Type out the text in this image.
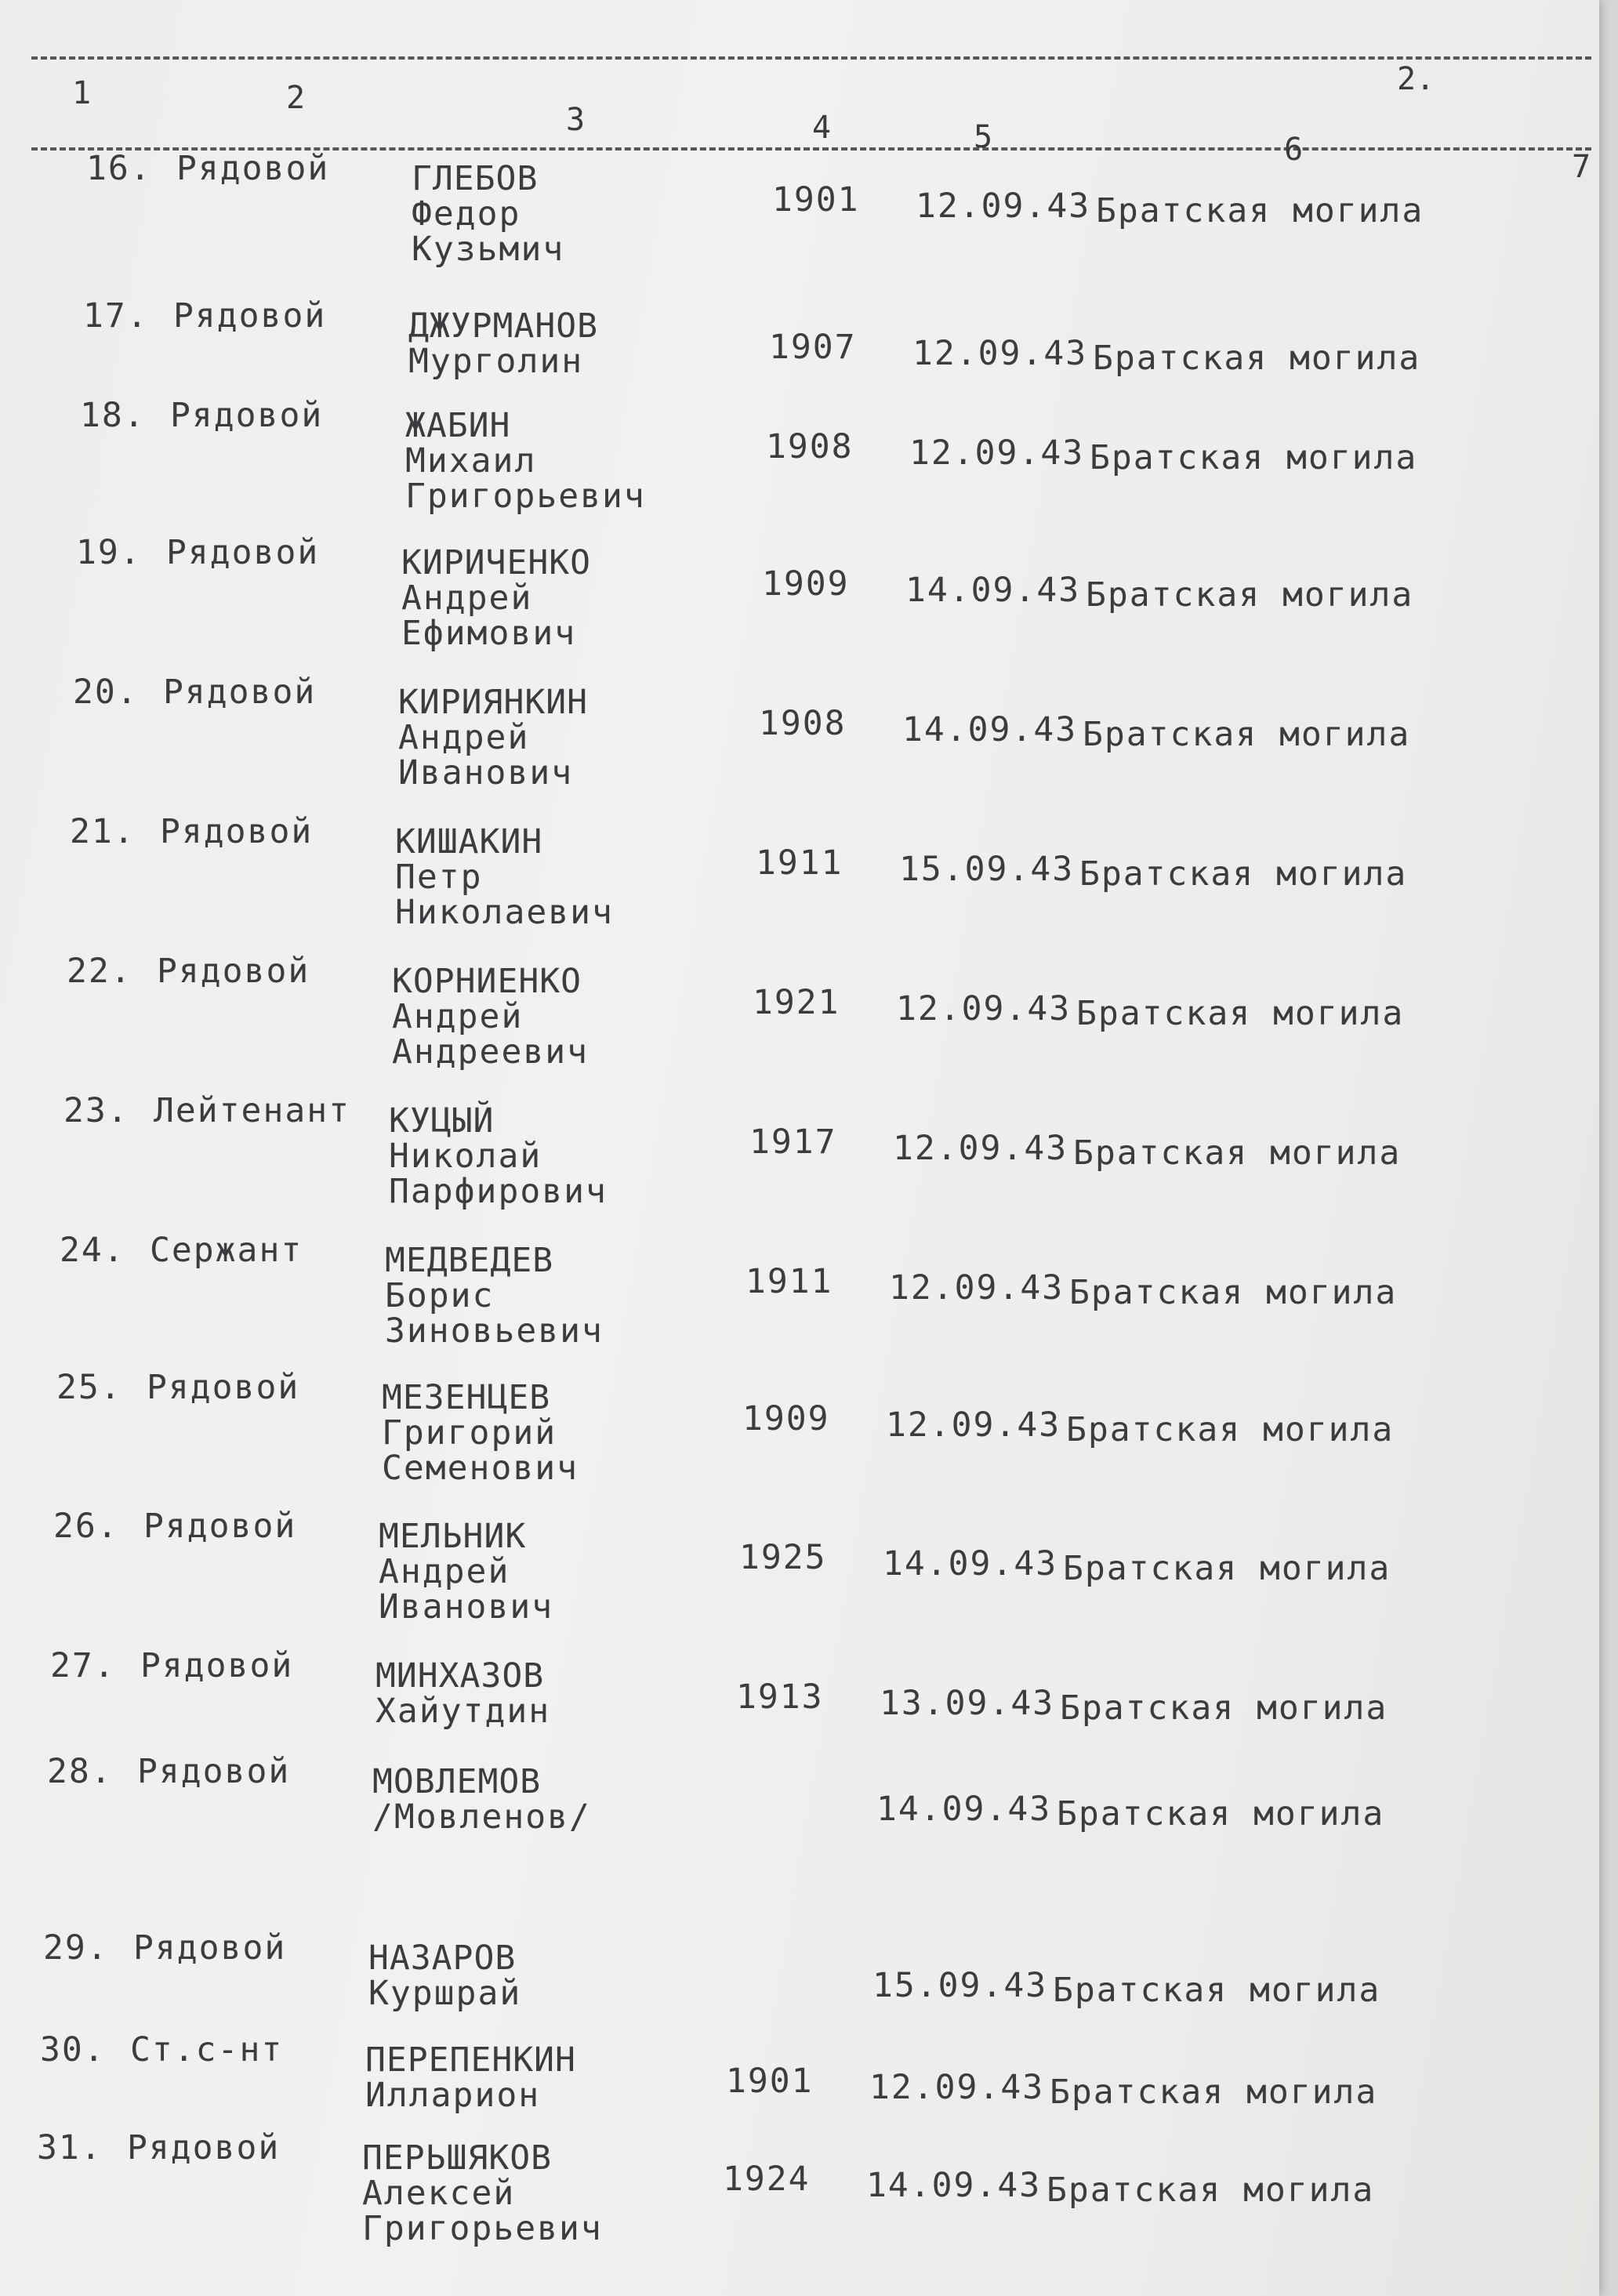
2.
1	2
3	4	5	6	7
16. Рядовой ГЛЕБОВ
Федор
Кузьмич
1901 12.09.43 Братская могила
17. Рядовой ДЖУРМАНОВ
Мурголин	1907 12.09.43 Братская могила
18. Рядовой ЖАБИН
Михаил
Григорьевич
1908 12.09.43 Братская могила
19. Рядовой КИРИЧЕНКО
Андрей
Ефимович
1909 14.09.43 Братская могила
20. Рядовой КИРИЯНКИН
Андрей
Иванович
1908 14.09.43 Братская могила
21. Рядовой КИШАКИН
Петр
Николаевич
1911 15.09.43 Братская могила
22. Рядовой КОРНИЕНКО
Андрей
Андреевич
1921 12.09.43 Братская могила
23. Лейтенант КУЦЫЙ
Николай
Парфирович
1917 12.09.43 Братская могила
24. Сержант МЕДВЕДЕВ
Борис
Зиновьевич
1911 12.09.43 Братская могила
25. Рядовой МЕЗЕНЦЕВ
Григорий
Семенович
1909 12.09.43 Братская могила
26. Рядовой МЕЛЬНИК
Андрей
Иванович
1925 14.09.43 Братская могила
27. Рядовой МИНХАЗОВ
Хайутдин	1913 13.09.43 Братская могила
28. Рядовой МОВЛЕМОВ
/Мовленов/	14.09.43 Братская могила
29. Рядовой НАЗАРОВ
Куршрай	15.09.43 Братская могила
30. Ст.с-нт ПЕРЕПЕНКИН
Илларион	1901 12.09.43 Братская могила
31. Рядовой ПЕРЬШЯКОВ
Алексей
Григорьевич
1924 14.09.43 Братская могила
